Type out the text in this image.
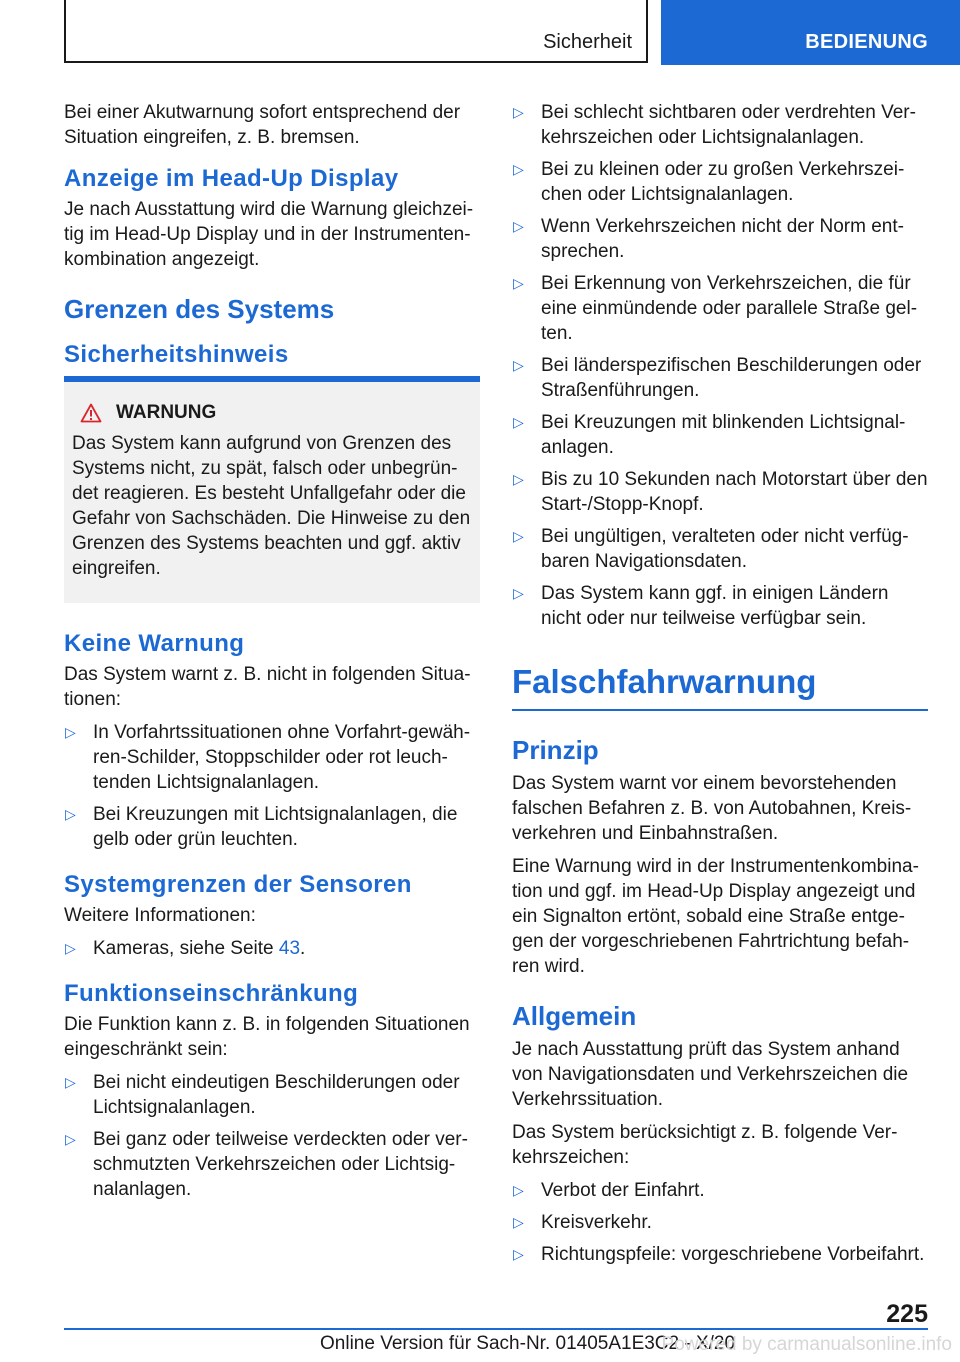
Sicherheit	BEDIENUNG

Bei einer Akutwarnung sofort entsprechend der Situation eingreifen, z. B. bremsen.

Anzeige im Head-Up Display

Je nach Ausstattung wird die Warnung gleichzei-tig im Head-Up Display und in der Instrumenten-kombination angezeigt.

Grenzen des Systems
Sicherheitshinweis
WARNUNG

Das System kann aufgrund von Grenzen des Systems nicht, zu spät, falsch oder unbegrün-det reagieren. Es besteht Unfallgefahr oder die Gefahr von Sachschäden. Die Hinweise zu den Grenzen des Systems beachten und ggf. aktiv eingreifen.

Keine Warnung

Das System warnt z. B. nicht in folgenden Situa-tionen:

▷ In Vorfahrtssituationen ohne Vorfahrt-gewäh-ren-Schilder, Stoppschilder oder rot leuch-tenden Lichtsignalanlagen.
▷ Bei Kreuzungen mit Lichtsignalanlagen, die gelb oder grün leuchten.
Systemgrenzen der Sensoren

Weitere Informationen:

▷ Kameras, siehe Seite 43.
Funktionseinschränkung

Die Funktion kann z. B. in folgenden Situationen eingeschränkt sein:

▷ Bei nicht eindeutigen Beschilderungen oder Lichtsignalanlagen.
▷ Bei ganz oder teilweise verdeckten oder ver-schmutzten Verkehrszeichen oder Lichtsig-nalanlagen.
▷ Bei schlecht sichtbaren oder verdrehten Ver-kehrszeichen oder Lichtsignalanlagen.
▷ Bei zu kleinen oder zu großen Verkehrszei-chen oder Lichtsignalanlagen.
▷ Wenn Verkehrszeichen nicht der Norm ent-sprechen.
▷ Bei Erkennung von Verkehrszeichen, die für eine einmündende oder parallele Straße gel-ten.
▷ Bei länderspezifischen Beschilderungen oder Straßenführungen.
▷ Bei Kreuzungen mit blinkenden Lichtsignal-anlagen.
▷ Bis zu 10 Sekunden nach Motorstart über den Start-/Stopp-Knopf.
▷ Bei ungültigen, veralteten oder nicht verfüg-baren Navigationsdaten.
▷ Das System kann ggf. in einigen Ländern nicht oder nur teilweise verfügbar sein.
Falschfahrwarnung
Prinzip

Das System warnt vor einem bevorstehenden falschen Befahren z. B. von Autobahnen, Kreis-verkehren und Einbahnstraßen.

Eine Warnung wird in der Instrumentenkombina-tion und ggf. im Head-Up Display angezeigt und ein Signalton ertönt, sobald eine Straße entge-gen der vorgeschriebenen Fahrtrichtung befah-ren wird.

Allgemein

Je nach Ausstattung prüft das System anhand von Navigationsdaten und Verkehrszeichen die Verkehrssituation.

Das System berücksichtigt z. B. folgende Ver-kehrszeichen:

▷ Verbot der Einfahrt.
▷ Kreisverkehr.
▷ Richtungspfeile: vorgeschriebene Vorbeifahrt.
225
Online Version für Sach-Nr. 01405A1E3C2 - X/20
Powered by carmanualsonline.info
